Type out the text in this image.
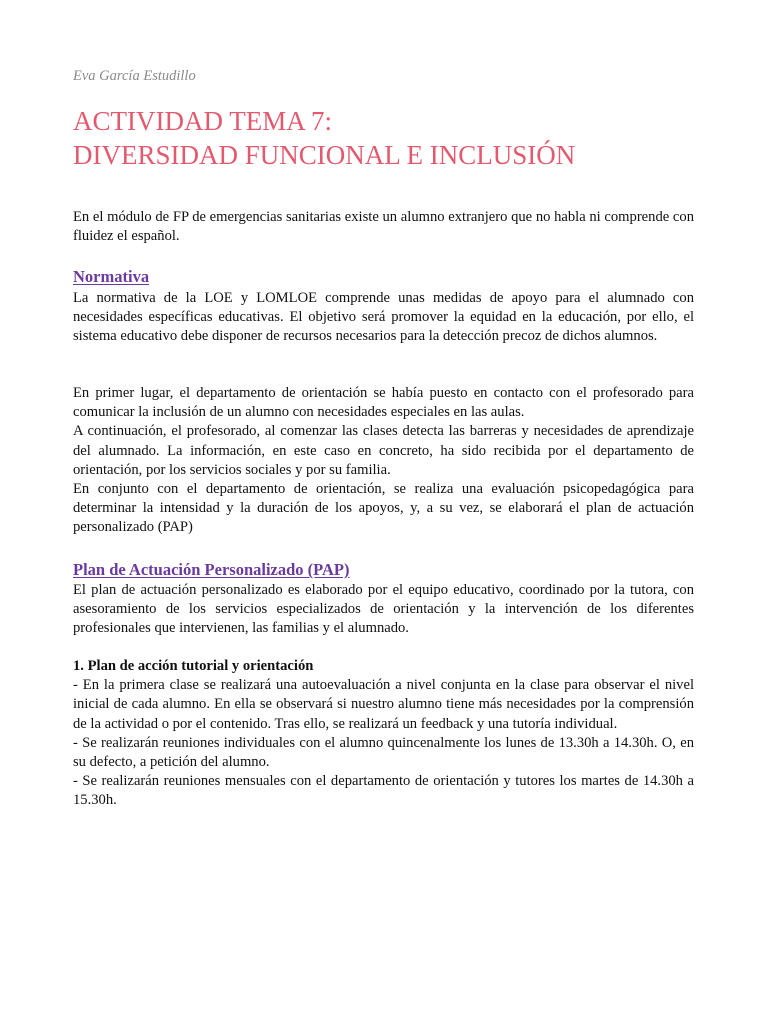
Eva García Estudillo
ACTIVIDAD TEMA 7:
DIVERSIDAD FUNCIONAL E INCLUSIÓN

En el módulo de FP de emergencias sanitarias existe un alumno extranjero que no habla ni comprende con fluidez el español.

Normativa

La normativa de la LOE y LOMLOE comprende unas medidas de apoyo para el alumnado con necesidades específicas educativas. El objetivo será promover la equidad en la educación, por ello, el sistema educativo debe disponer de recursos necesarios para la detección precoz de dichos alumnos.

En primer lugar, el departamento de orientación se había puesto en contacto con el profesorado para comunicar la inclusión de un alumno con necesidades especiales en las aulas.

A continuación, el profesorado, al comenzar las clases detecta las barreras y necesidades de aprendizaje del alumnado. La información, en este caso en concreto, ha sido recibida por el departamento de orientación, por los servicios sociales y por su familia.

En conjunto con el departamento de orientación, se realiza una evaluación psicopedagógica para determinar la intensidad y la duración de los apoyos, y, a su vez, se elaborará el plan de actuación personalizado (PAP)

Plan de Actuación Personalizado (PAP)

El plan de actuación personalizado es elaborado por el equipo educativo, coordinado por la tutora, con asesoramiento de los servicios especializados de orientación y la intervención de los diferentes profesionales que intervienen, las familias y el alumnado.

1. Plan de acción tutorial y orientación

- En la primera clase se realizará una autoevaluación a nivel conjunta en la clase para observar el nivel inicial de cada alumno. En ella se observará si nuestro alumno tiene más necesidades por la comprensión de la actividad o por el contenido. Tras ello, se realizará un feedback y una tutoría individual.

- Se realizarán reuniones individuales con el alumno quincenalmente los lunes de 13.30h a 14.30h. O, en su defecto, a petición del alumno.

- Se realizarán reuniones mensuales con el departamento de orientación y tutores los martes de 14.30h a 15.30h.
